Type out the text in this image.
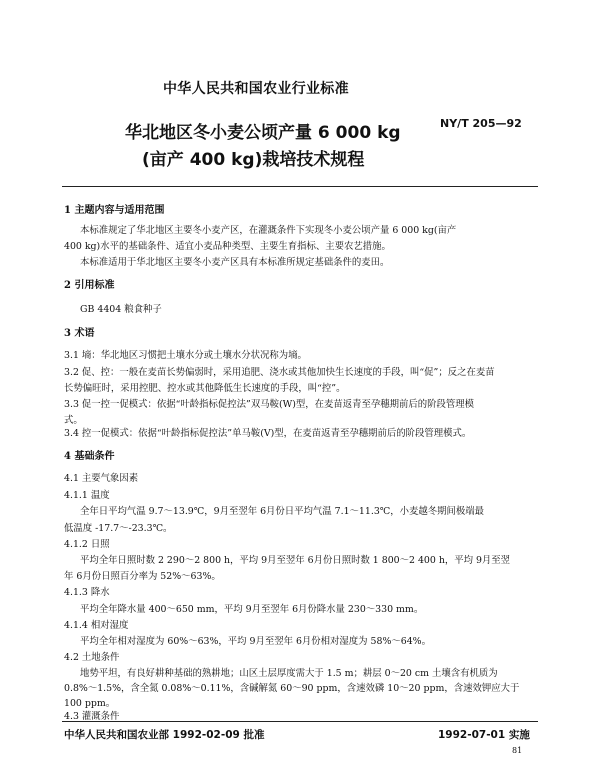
中华人民共和国农业行业标准
NY/T 205—92
华北地区冬小麦公顷产量 6 000 kg
(亩产 400 kg)栽培技术规程
1 主题内容与适用范围
本标准规定了华北地区主要冬小麦产区，在灌溉条件下实现冬小麦公顷产量 6 000 kg(亩产
400 kg)水平的基础条件、适宜小麦品种类型、主要生育指标、主要农艺措施。
本标准适用于华北地区主要冬小麦产区具有本标准所规定基础条件的麦田。
2 引用标准
GB 4404 粮食种子
3 术语
3.1 墒：华北地区习惯把土壤水分或土壤水分状况称为墒。
3.2 促、控：一般在麦苗长势偏弱时，采用追肥、浇水或其他加快生长速度的手段，叫“促”；反之在麦苗
长势偏旺时，采用控肥、控水或其他降低生长速度的手段，叫“控”。
3.3 促一控一促模式：依据“叶龄指标促控法”双马鞍(W)型，在麦苗返青至孕穗期前后的阶段管理模
式。
3.4 控一促模式：依据“叶龄指标促控法”单马鞍(V)型，在麦苗返青至孕穗期前后的阶段管理模式。
4 基础条件
4.1 主要气象因素
4.1.1 温度
全年日平均气温 9.7～13.9℃，9月至翌年 6月份日平均气温 7.1～11.3℃，小麦越冬期间极端最
低温度 -17.7～-23.3℃。
4.1.2 日照
平均全年日照时数 2 290～2 800 h，平均 9月至翌年 6月份日照时数 1 800～2 400 h，平均 9月至翌
年 6月份日照百分率为 52%～63%。
4.1.3 降水
平均全年降水量 400～650 mm，平均 9月至翌年 6月份降水量 230～330 mm。
4.1.4 相对湿度
平均全年相对湿度为 60%～63%，平均 9月至翌年 6月份相对湿度为 58%～64%。
4.2 土地条件
地势平坦，有良好耕种基础的熟耕地；山区土层厚度需大于 1.5 m；耕层 0～20 cm 土壤含有机质为
0.8%～1.5%，含全氮 0.08%～0.11%，含碱解氮 60～90 ppm，含速效磷 10～20 ppm，含速效钾应大于
100 ppm。
4.3 灌溉条件
中华人民共和国农业部 1992-02-09 批准	1992-07-01 实施
81
